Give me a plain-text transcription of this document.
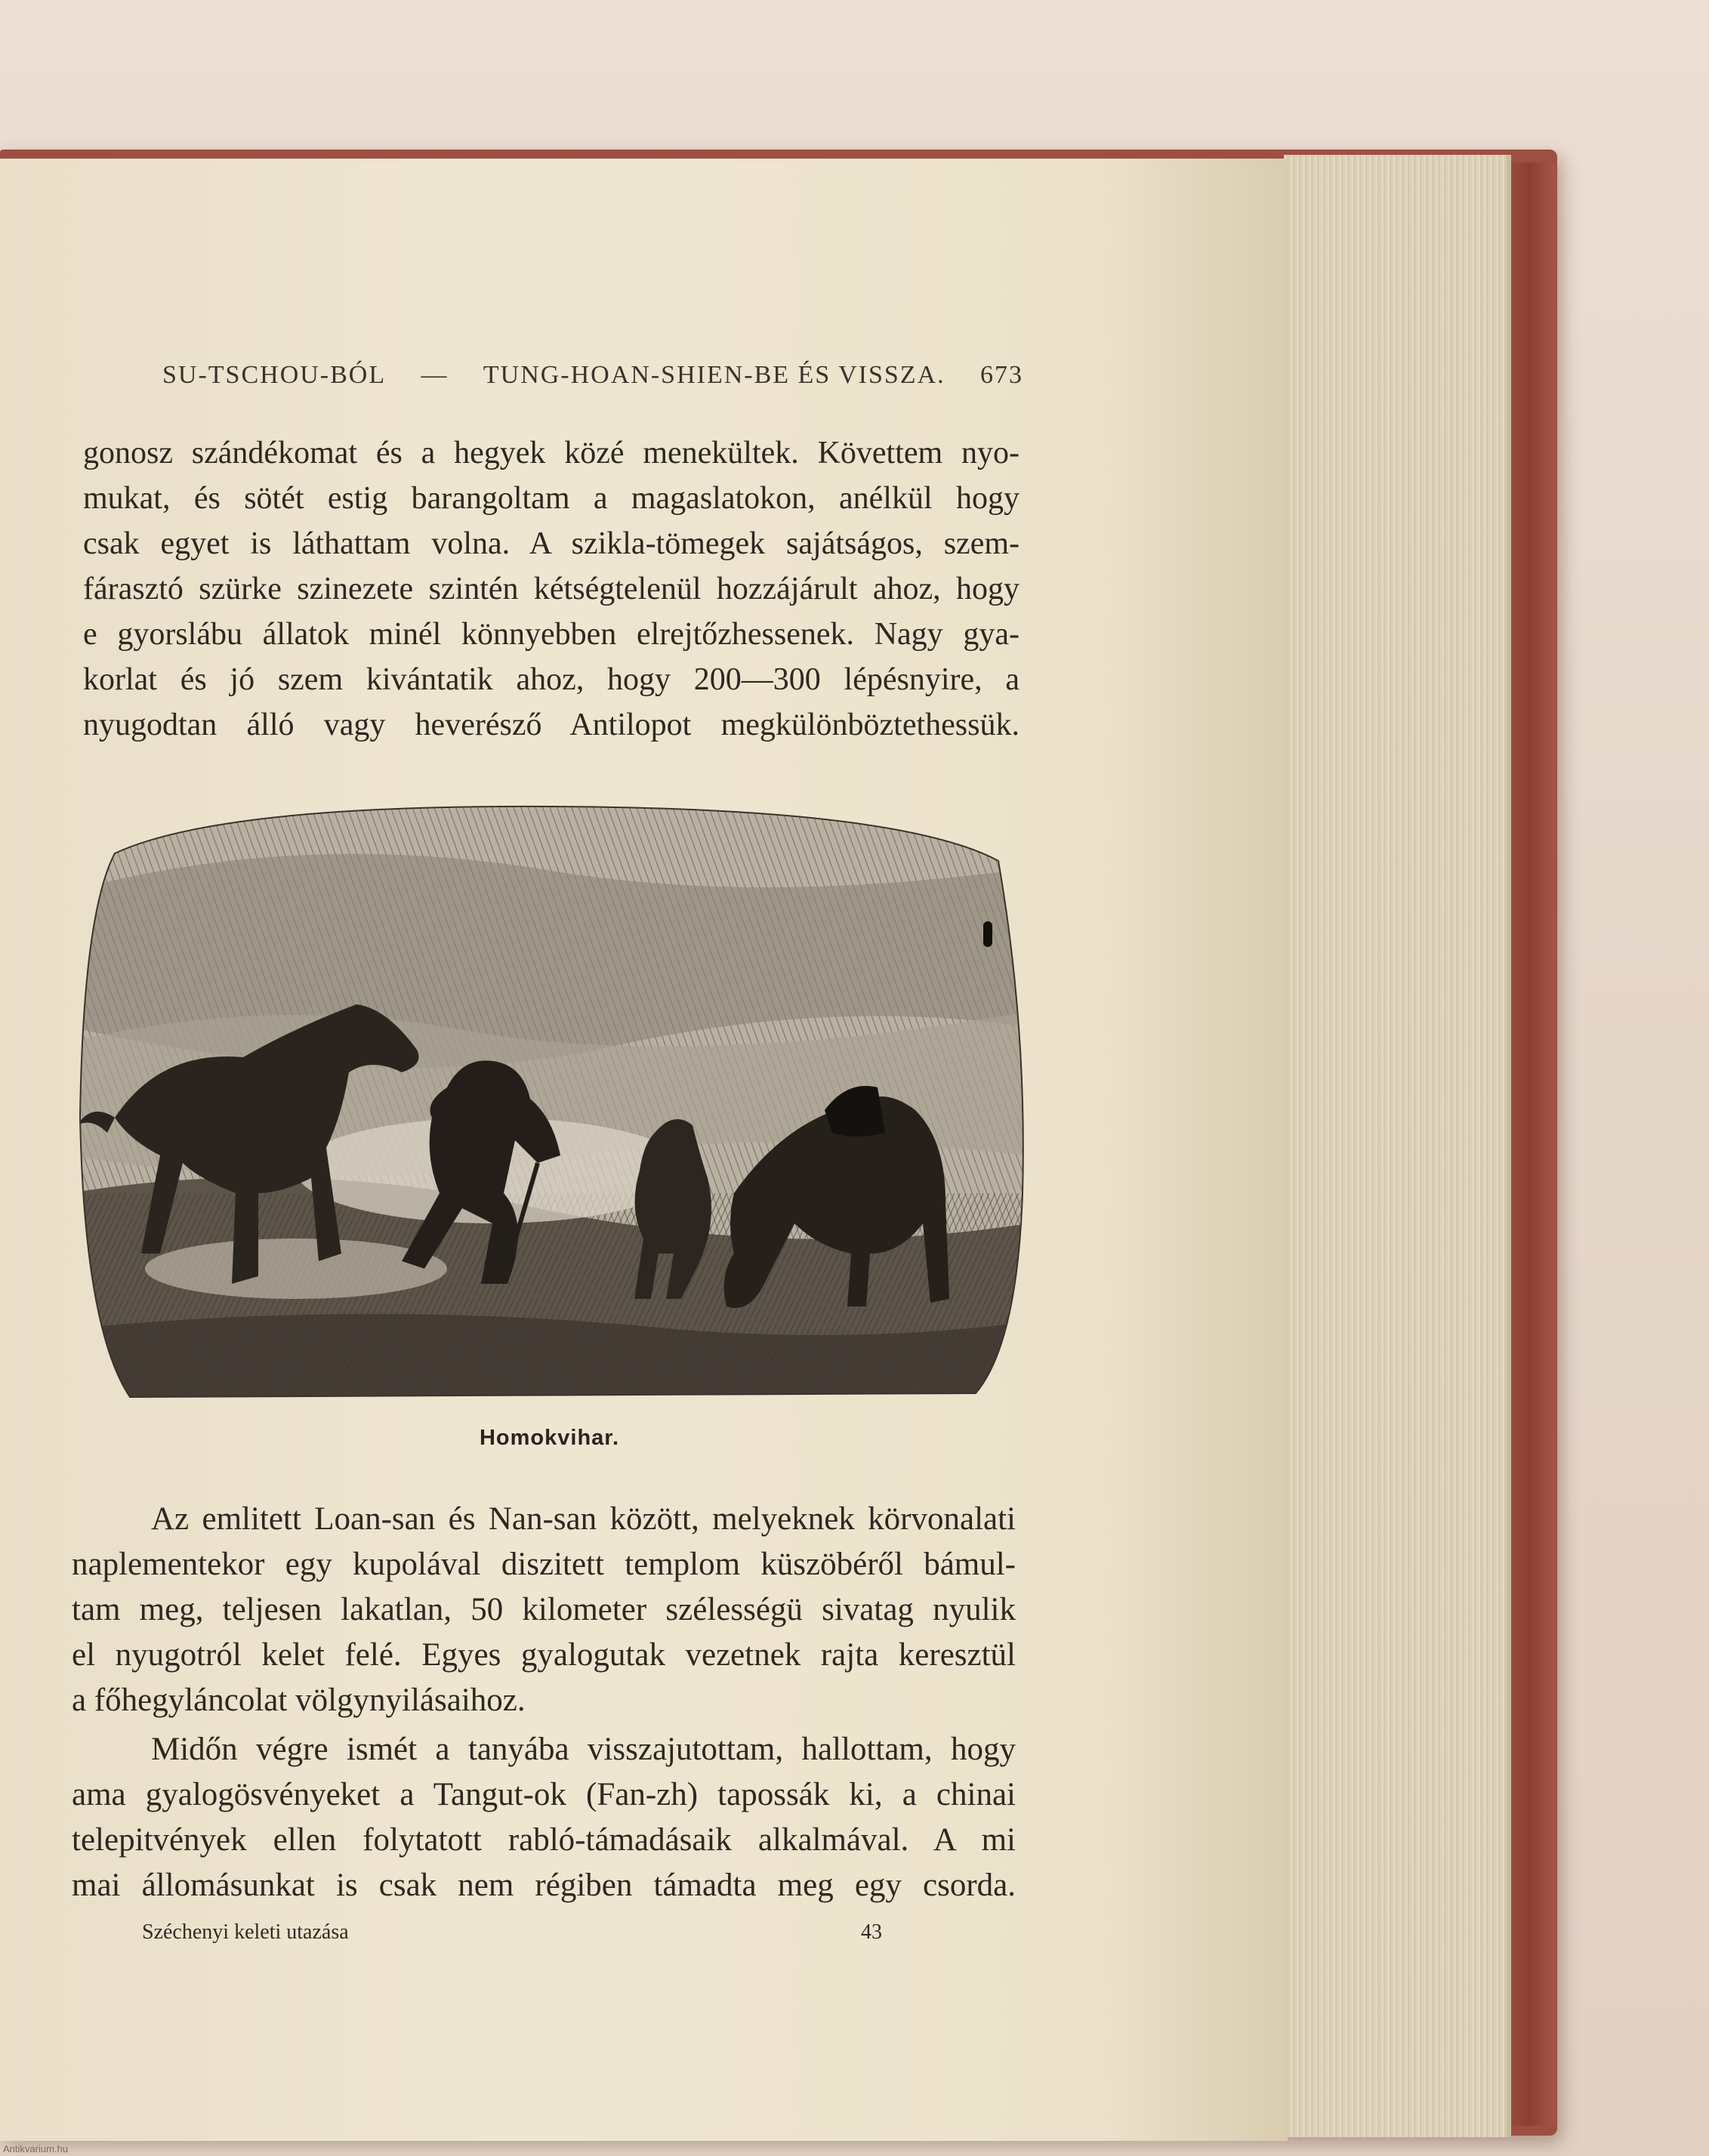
SU-TSCHOU-BÓL — TUNG-HOAN-SHIEN-BE ÉS VISSZA. 673
gonosz szándékomat és a hegyek közé menekültek. Követtem nyo-
mukat, és sötét estig barangoltam a magaslatokon, anélkül hogy
csak egyet is láthattam volna. A szikla-tömegek sajátságos, szem-
fárasztó szürke szinezete szintén kétségtelenül hozzájárult ahoz, hogy
e gyorslábu állatok minél könnyebben elrejtőzhessenek. Nagy gya-
korlat és jó szem kivántatik ahoz, hogy 200—300 lépésnyire, a
nyugodtan álló vagy heverésző Antilopot megkülönböztethessük.
Homokvihar.
Az emlitett Loan-san és Nan-san között, melyeknek körvonalati
naplementekor egy kupolával diszitett templom küszöbéről bámul-
tam meg, teljesen lakatlan, 50 kilometer szélességü sivatag nyulik
el nyugotról kelet felé. Egyes gyalogutak vezetnek rajta keresztül
a főhegyláncolat völgynyilásaihoz.
Midőn végre ismét a tanyába visszajutottam, hallottam, hogy
ama gyalogösvényeket a Tangut-ok (Fan-zh) tapossák ki, a chinai
telepitvények ellen folytatott rabló-támadásaik alkalmával. A mi
mai állomásunkat is csak nem régiben támadta meg egy csorda.
Széchenyi keleti utazása	43
Antikvarium.hu
